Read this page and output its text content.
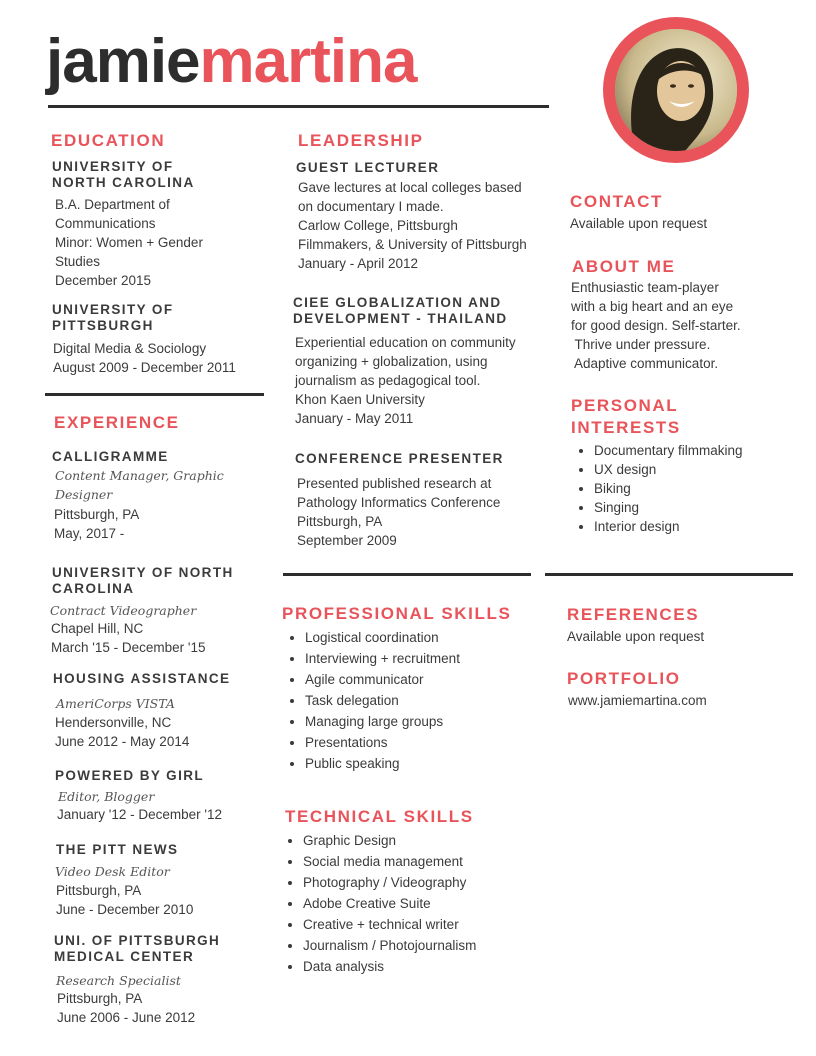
jamiemartina
EDUCATION
UNIVERSITY OF
NORTH CAROLINA
B.A. Department of
Communications
Minor: Women + Gender
Studies
December 2015
UNIVERSITY OF
PITTSBURGH
Digital Media & Sociology
August 2009 - December 2011
EXPERIENCE
CALLIGRAMME
Content Manager, Graphic
Designer
Pittsburgh, PA
May, 2017 -
UNIVERSITY OF NORTH
CAROLINA
Contract Videographer
Chapel Hill, NC
March '15 - December '15
HOUSING ASSISTANCE
AmeriCorps VISTA
Hendersonville, NC
June 2012 - May 2014
POWERED BY GIRL
Editor, Blogger
January '12 - December '12
THE PITT NEWS
Video Desk Editor
Pittsburgh, PA
June - December 2010
UNI. OF PITTSBURGH
MEDICAL CENTER
Research Specialist
Pittsburgh, PA
June 2006 - June 2012
LEADERSHIP
GUEST LECTURER
Gave lectures at local colleges based
on documentary I made.
Carlow College, Pittsburgh
Filmmakers, & University of Pittsburgh
January - April 2012
CIEE GLOBALIZATION AND
DEVELOPMENT - THAILAND
Experiential education on community
organizing + globalization, using
journalism as pedagogical tool.
Khon Kaen University
January - May 2011
CONFERENCE PRESENTER
Presented published research at
Pathology Informatics Conference
Pittsburgh, PA
September 2009
PROFESSIONAL SKILLS
• Logistical coordination
• Interviewing + recruitment
• Agile communicator
• Task delegation
• Managing large groups
• Presentations
• Public speaking
TECHNICAL SKILLS
• Graphic Design
• Social media management
• Photography / Videography
• Adobe Creative Suite
• Creative + technical writer
• Journalism / Photojournalism
• Data analysis
CONTACT
Available upon request
ABOUT ME
Enthusiastic team-player
with a big heart and an eye
for good design. Self-starter.
Thrive under pressure.
Adaptive communicator.
PERSONAL
INTERESTS
• Documentary filmmaking
• UX design
• Biking
• Singing
• Interior design
REFERENCES
Available upon request
PORTFOLIO
www.jamiemartina.com
